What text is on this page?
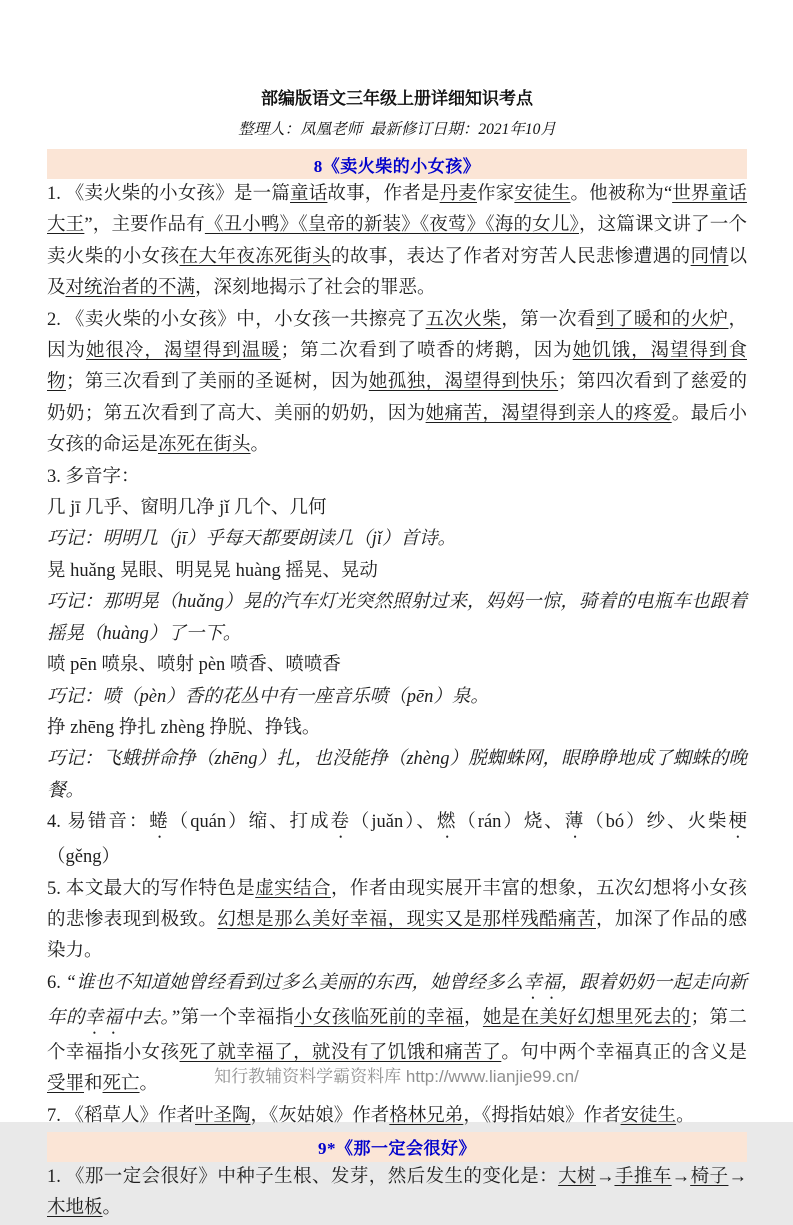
部编版语文三年级上册详细知识考点
整理人：凤凰老师  最新修订日期：2021年10月
8《卖火柴的小女孩》
1. 《卖火柴的小女孩》是一篇童话故事，作者是丹麦作家安徒生。他被称为“世界童话大王”，主要作品有《丑小鸭》《皇帝的新装》《夜莺》《海的女儿》，这篇课文讲了一个卖火柴的小女孩在大年夜冻死街头的故事，表达了作者对穷苦人民悲惨遭遇的同情以及对统治者的不满，深刻地揭示了社会的罪恶。
2. 《卖火柴的小女孩》中，小女孩一共擦亮了五次火柴，第一次看到了暖和的火炉，因为她很冷，渴望得到温暖；第二次看到了喷香的烤鹅，因为她饥饿，渴望得到食物；第三次看到了美丽的圣诞树，因为她孤独，渴望得到快乐；第四次看到了慈爱的奶奶；第五次看到了高大、美丽的奶奶，因为她痛苦，渴望得到亲人的疼爱。最后小女孩的命运是冻死在街头。
3. 多音字：
几 jī 几乎、窗明几净 jǐ 几个、几何
巧记：明明几（jī）乎每天都要朗读几（jǐ）首诗。
晃 huǎng 晃眼、明晃晃 huàng 摇晃、晃动
巧记：那明晃（huǎng）晃的汽车灯光突然照射过来，妈妈一惊，骑着的电瓶车也跟着摇晃（huàng）了一下。
喷 pēn 喷泉、喷射 pèn 喷香、喷喷香
巧记：喷（pèn）香的花丛中有一座音乐喷（pēn）泉。
挣 zhēng 挣扎 zhèng 挣脱、挣钱。
巧记：飞蛾拼命挣（zhēng）扎，也没能挣（zhèng）脱蜘蛛网，眼睁睁地成了蜘蛛的晚餐。
4. 易错音：蜷（quán）缩、打成卷（juǎn）、燃（rán）烧、薄（bó）纱、火柴梗（gěng）
5. 本文最大的写作特色是虚实结合，作者由现实展开丰富的想象，五次幻想将小女孩的悲惨表现到极致。幻想是那么美好幸福，现实又是那样残酷痛苦，加深了作品的感染力。
6. “谁也不知道她曾经看到过多么美丽的东西，她曾经多么幸福，跟着奶奶一起走向新年的幸福中去。”第一个幸福指小女孩临死前的幸福，她是在美好幻想里死去的；第二个幸福指小女孩死了就幸福了，就没有了饥饿和痛苦了。句中两个幸福真正的含义是受罪和死亡。
7. 《稻草人》作者叶圣陶，《灰姑娘》作者格林兄弟，《拇指姑娘》作者安徒生。
9*《那一定会很好》
1. 《那一定会很好》中种子生根、发芽，然后发生的变化是：大树→手推车→椅子→木地板。
知行教辅资料学霸资料库 http://www.lianjie99.cn/
